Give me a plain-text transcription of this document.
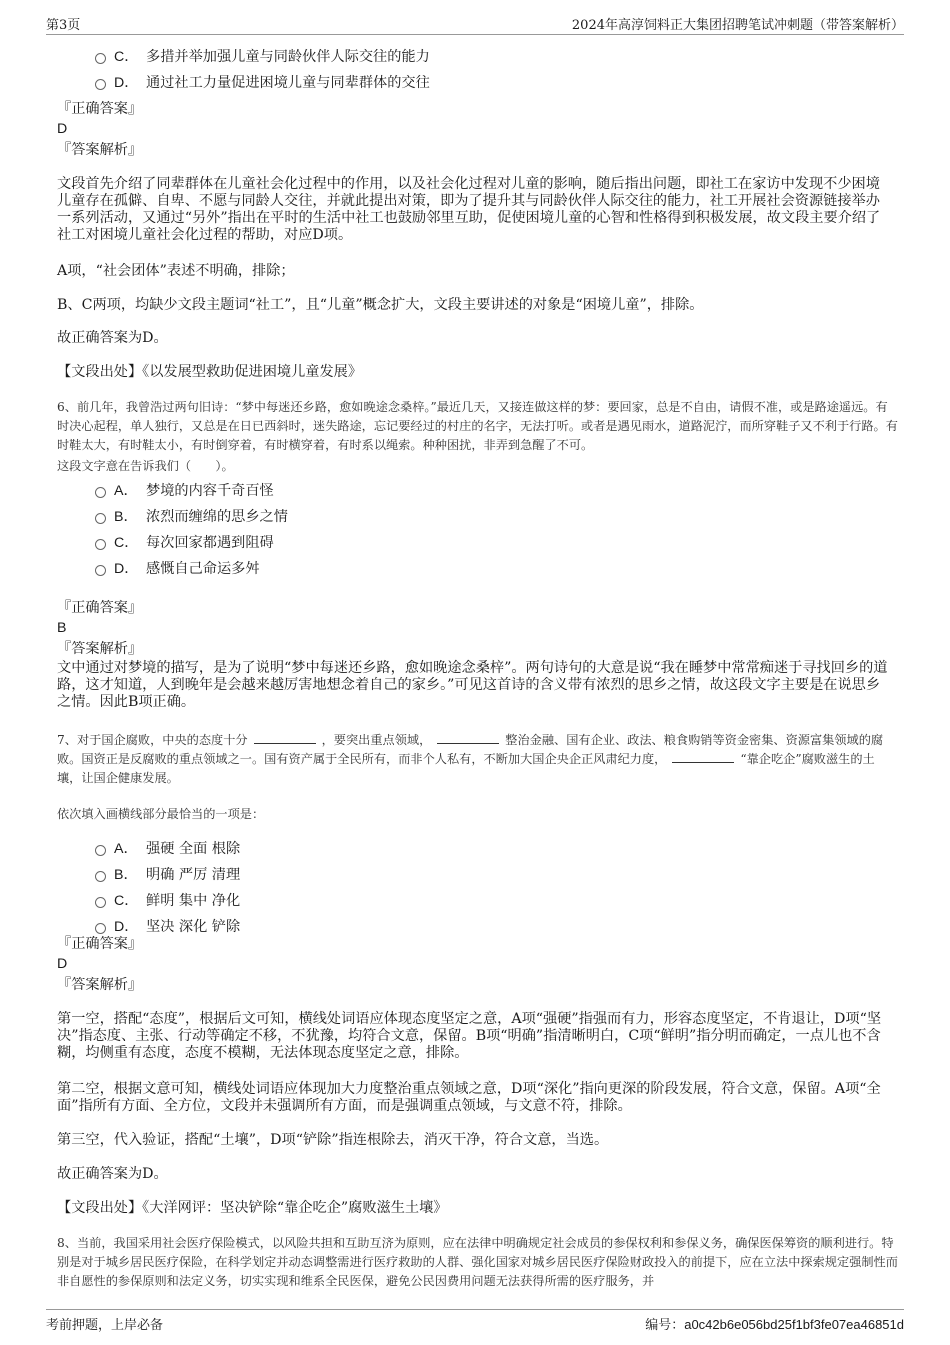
第3页	2024年高淳饲料正大集团招聘笔试冲刺题（带答案解析）
C． 多措并举加强儿童与同龄伙伴人际交往的能力
D． 通过社工力量促进困境儿童与同辈群体的交往
『正确答案』
D
『答案解析』
文段首先介绍了同辈群体在儿童社会化过程中的作用，以及社会化过程对儿童的影响，随后指出问题，即社工在家访中发现不少困境儿童存在孤僻、自卑、不愿与同龄人交往，并就此提出对策，即为了提升其与同龄伙伴人际交往的能力，社工开展社会资源链接举办一系列活动，又通过“另外”指出在平时的生活中社工也鼓励邻里互助，促使困境儿童的心智和性格得到积极发展，故文段主要介绍了社工对困境儿童社会化过程的帮助，对应D项。
A项，“社会团体”表述不明确，排除；
B、C两项，均缺少文段主题词“社工”，且“儿童”概念扩大，文段主要讲述的对象是“困境儿童”，排除。
故正确答案为D。
【文段出处】《以发展型救助促进困境儿童发展》
6、前几年，我曾浩过两句旧诗：“梦中每迷还乡路，愈如晚途念桑梓。”最近几天，又接连做这样的梦：要回家，总是不自由，请假不准，或是路途遥远。有时决心起程，单人独行，又总是在日已西斜时，迷失路途，忘记要经过的村庄的名字，无法打听。或者是遇见雨水，道路泥泞，而所穿鞋子又不利于行路。有时鞋太大，有时鞋太小，有时倒穿着，有时横穿着，有时系以绳索。种种困扰，非弄到急醒了不可。
这段文字意在告诉我们（　　）。
A． 梦境的内容千奇百怪
B． 浓烈而缠绵的思乡之情
C． 每次回家都遇到阻碍
D． 感慨自己命运多舛
『正确答案』
B
『答案解析』
文中通过对梦境的描写，是为了说明“梦中每迷还乡路，愈如晚途念桑梓”。两句诗句的大意是说“我在睡梦中常常痴迷于寻找回乡的道路，这才知道，人到晚年是会越来越厉害地想念着自己的家乡。”可见这首诗的含义带有浓烈的思乡之情，故这段文字主要是在说思乡之情。因此B项正确。
7、对于国企腐败，中央的态度十分	，要突出重点领域，	整治金融、国有企业、政法、粮食购销等资金密集、资源富集领域的腐败。国资正是反腐败的重点领域之一。国有资产属于全民所有，而非个人私有，不断加大国企央企正风肃纪力度，	“靠企吃企”腐败滋生的土壤，让国企健康发展。
依次填入画横线部分最恰当的一项是：
A． 强硬 全面 根除
B． 明确 严厉 清理
C． 鲜明 集中 净化
D． 坚决 深化 铲除
『正确答案』
D
『答案解析』
第一空，搭配“态度”，根据后文可知，横线处词语应体现态度坚定之意，A项“强硬”指强而有力，形容态度坚定，不肯退让，D项“坚决”指态度、主张、行动等确定不移，不犹豫，均符合文意，保留。B项“明确”指清晰明白，C项“鲜明”指分明而确定，一点儿也不含糊，均侧重有态度，态度不模糊，无法体现态度坚定之意，排除。
第二空，根据文意可知，横线处词语应体现加大力度整治重点领域之意，D项“深化”指向更深的阶段发展，符合文意，保留。A项“全面”指所有方面、全方位，文段并未强调所有方面，而是强调重点领域，与文意不符，排除。
第三空，代入验证，搭配“土壤”，D项“铲除”指连根除去，消灭干净，符合文意，当选。
故正确答案为D。
【文段出处】《大洋网评：坚决铲除“靠企吃企”腐败滋生土壤》
8、当前，我国采用社会医疗保险模式，以风险共担和互助互济为原则，应在法律中明确规定社会成员的参保权利和参保义务，确保医保筹资的顺利进行。特别是对于城乡居民医疗保险，在科学划定并动态调整需进行医疗救助的人群、强化国家对城乡居民医疗保险财政投入的前提下，应在立法中探索规定强制性而非自愿性的参保原则和法定义务，切实实现和维系全民医保，避免公民因费用问题无法获得所需的医疗服务，并
考前押题，上岸必备	编号：a0c42b6e056bd25f1bf3fe07ea46851d
